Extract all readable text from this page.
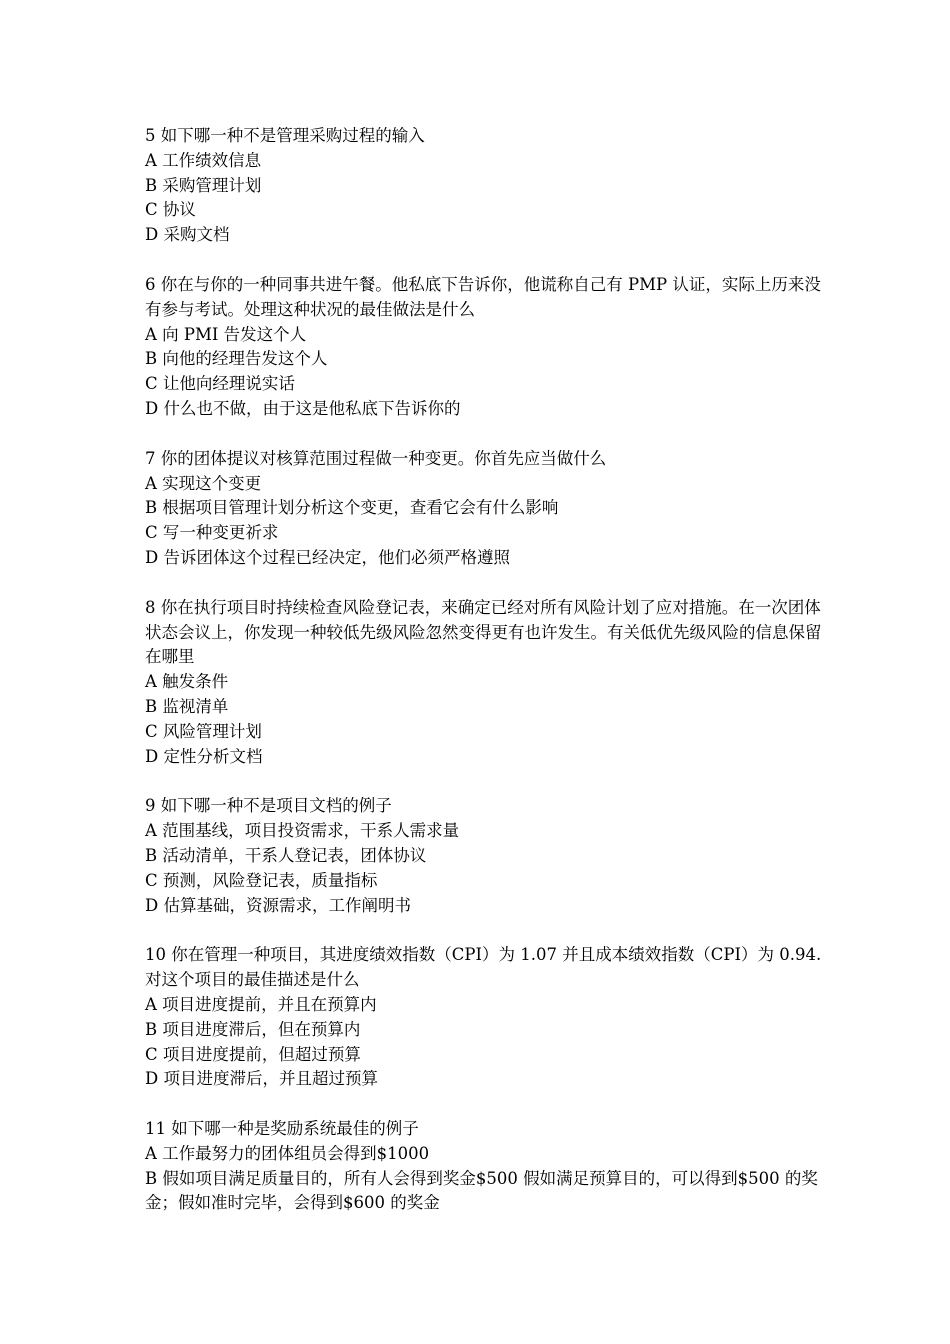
5 如下哪一种不是管理采购过程的输入
A 工作绩效信息
B 采购管理计划
C 协议
D 采购文档
6 你在与你的一种同事共进午餐。他私底下告诉你，他谎称自己有 PMP 认证，实际上历来没有参与考试。处理这种状况的最佳做法是什么
A 向 PMI 告发这个人
B 向他的经理告发这个人
C 让他向经理说实话
D 什么也不做，由于这是他私底下告诉你的
7 你的团体提议对核算范围过程做一种变更。你首先应当做什么
A 实现这个变更
B 根据项目管理计划分析这个变更，查看它会有什么影响
C 写一种变更祈求
D 告诉团体这个过程已经决定，他们必须严格遵照
8 你在执行项目时持续检查风险登记表，来确定已经对所有风险计划了应对措施。在一次团体状态会议上，你发现一种较低先级风险忽然变得更有也许发生。有关低优先级风险的信息保留在哪里
A 触发条件
B 监视清单
C 风险管理计划
D 定性分析文档
9 如下哪一种不是项目文档的例子
A 范围基线，项目投资需求，干系人需求量
B 活动清单，干系人登记表，团体协议
C 预测，风险登记表，质量指标
D 估算基础，资源需求，工作阐明书
10 你在管理一种项目，其进度绩效指数（CPI）为 1.07 并且成本绩效指数（CPI）为 0.94.对这个项目的最佳描述是什么
A 项目进度提前，并且在预算内
B 项目进度滞后，但在预算内
C 项目进度提前，但超过预算
D 项目进度滞后，并且超过预算
11 如下哪一种是奖励系统最佳的例子
A 工作最努力的团体组员会得到$1000
B 假如项目满足质量目的，所有人会得到奖金$500 假如满足预算目的，可以得到$500 的奖金；假如准时完毕，会得到$600 的奖金
